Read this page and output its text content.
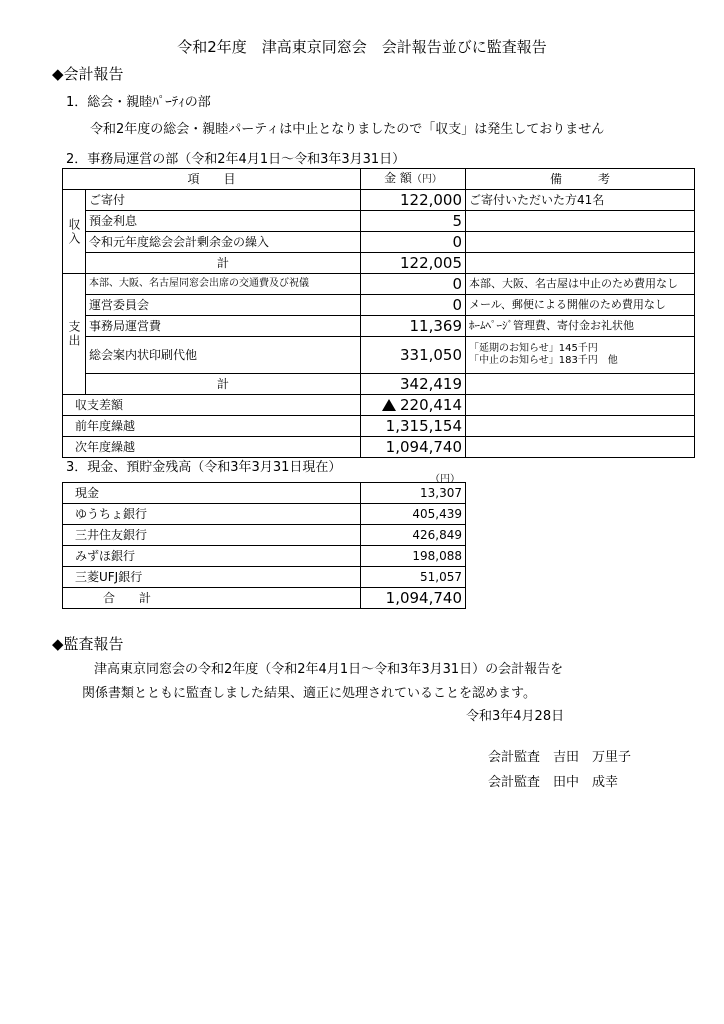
令和2年度　津高東京同窓会　会計報告並びに監査報告
◆会計報告
1．総会・親睦ﾊﾟｰﾃｨの部
令和2年度の総会・親睦パーティは中止となりましたので「収支」は発生しておりません
2．事務局運営の部（令和2年4月1日～令和3年3月31日）
項　　目		金 額（円）	備　　　考
収入	ご寄付	122,000	ご寄付いただいた方41名
	預金利息	5	
	令和元年度総会会計剰余金の繰入	0	
	計	122,005	
支出	本部、大阪、名古屋同窓会出席の交通費及び祝儀	0	本部、大阪、名古屋は中止のため費用なし
	運営委員会	0	メール、郵便による開催のため費用なし
	事務局運営費	11,369	ﾎｰﾑﾍﾟｰｼﾞ管理費、寄付金お礼状他
	総会案内状印刷代他	331,050	「延期のお知らせ」145千円
「中止のお知らせ」183千円　他

	計	342,419	
収支差額		220,414	
前年度繰越		1,315,154	
次年度繰越		1,094,740	
3．現金、預貯金残高（令和3年3月31日現在）
（円）
現金	13,307
ゆうちょ銀行	405,439
三井住友銀行	426,849
みずほ銀行	198,088
三菱UFJ銀行	51,057
合　　計	1,094,740
◆監査報告
津高東京同窓会の令和2年度（令和2年4月1日～令和3年3月31日）の会計報告を
関係書類とともに監査しました結果、適正に処理されていることを認めます。
令和3年4月28日
会計監査　吉田　万里子
会計監査　田中　成幸
